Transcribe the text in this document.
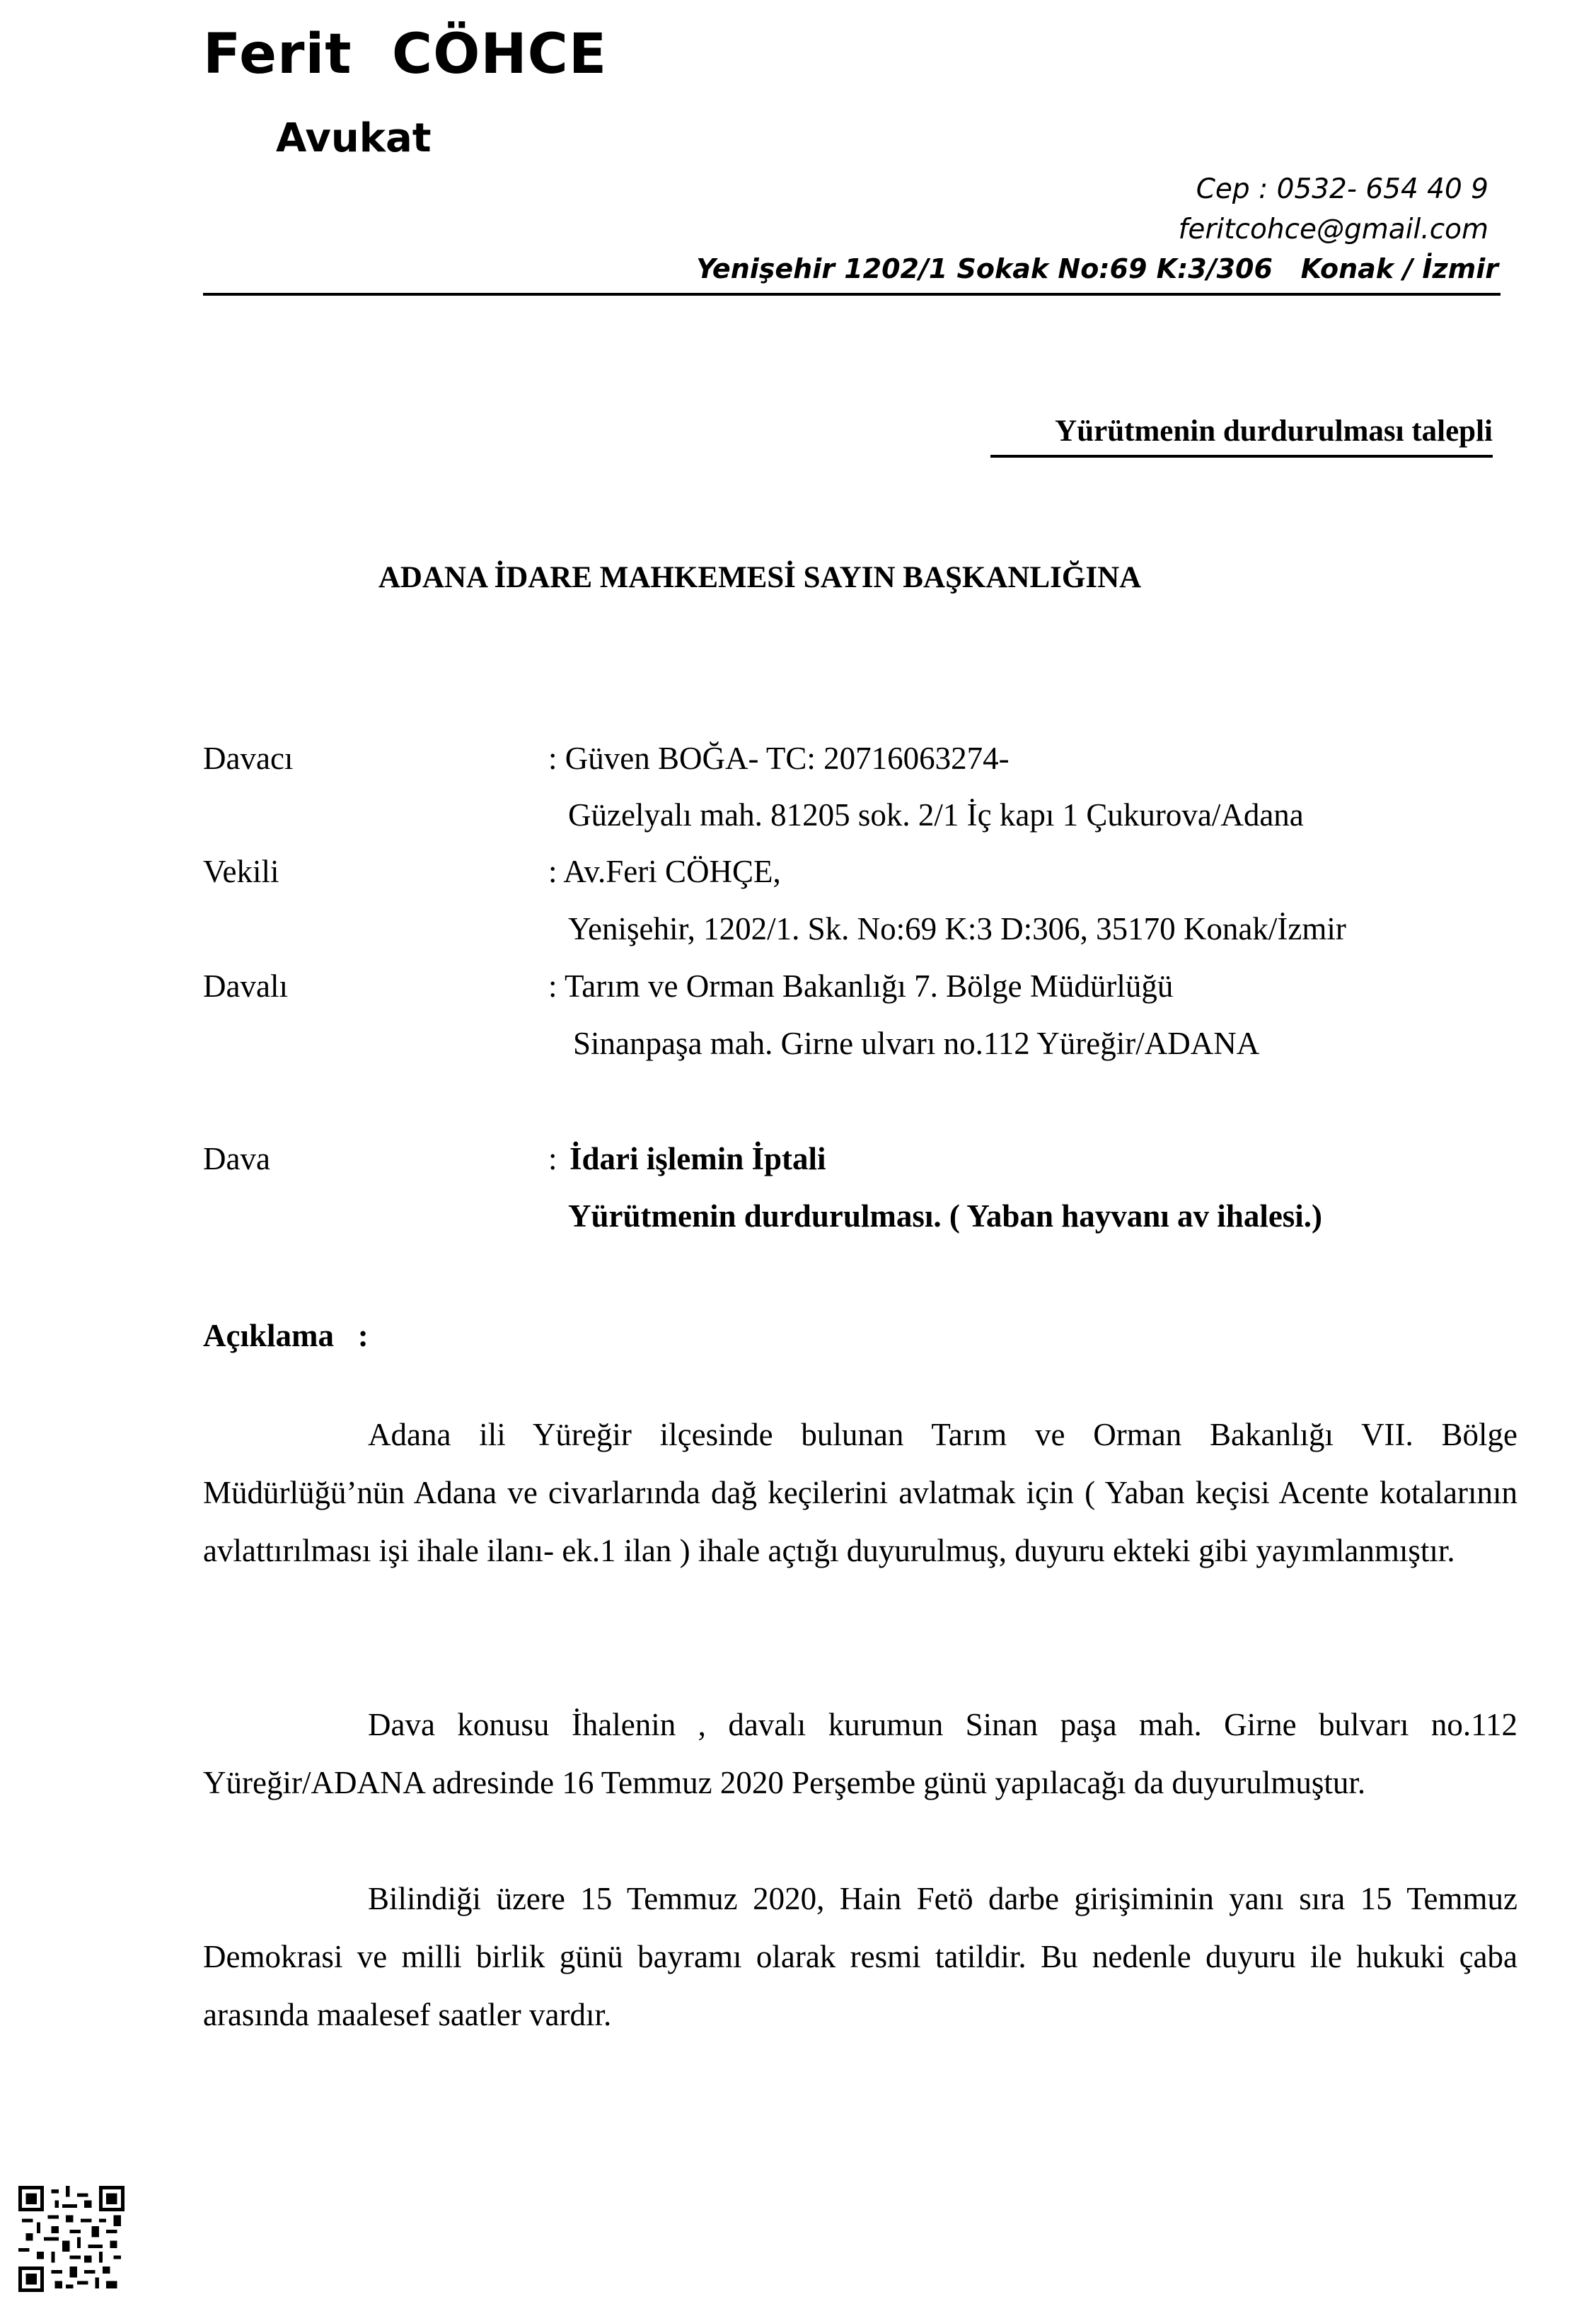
Ferit  CÖHCE
Avukat
Cep : 0532- 654 40 9
feritcohce@gmail.com
Yenişehir 1202/1 Sokak No:69 K:3/306   Konak / İzmir
Yürütmenin durdurulması talepli
ADANA İDARE MAHKEMESİ SAYIN BAŞKANLIĞINA
Davacı	: Güven BOĞA- TC: 20716063274-
Güzelyalı mah. 81205 sok. 2/1 İç kapı 1 Çukurova/Adana
Vekili	: Av.Feri CÖHÇE,
Yenişehir, 1202/1. Sk. No:69 K:3 D:306, 35170 Konak/İzmir
Davalı	: Tarım ve Orman Bakanlığı 7. Bölge Müdürlüğü
Sinanpaşa mah. Girne ulvarı no.112 Yüreğir/ADANA
Dava	: İdari işlemin İptali
Yürütmenin durdurulması. ( Yaban hayvanı av ihalesi.)
Açıklama   :
Adana ili Yüreğir ilçesinde bulunan Tarım ve Orman Bakanlığı VII. Bölge Müdürlüğü’nün Adana ve civarlarında dağ keçilerini avlatmak için ( Yaban keçisi Acente kotalarının avlattırılması işi ihale ilanı- ek.1 ilan ) ihale açtığı duyurulmuş, duyuru ekteki gibi yayımlanmıştır.
Dava konusu İhalenin , davalı kurumun Sinan paşa mah. Girne bulvarı no.112 Yüreğir/ADANA adresinde 16 Temmuz 2020 Perşembe günü yapılacağı da duyurulmuştur.
Bilindiği üzere 15 Temmuz 2020, Hain Fetö darbe girişiminin yanı sıra 15 Temmuz Demokrasi ve milli birlik günü bayramı olarak resmi tatildir. Bu nedenle duyuru ile hukuki çaba arasında maalesef saatler vardır.
